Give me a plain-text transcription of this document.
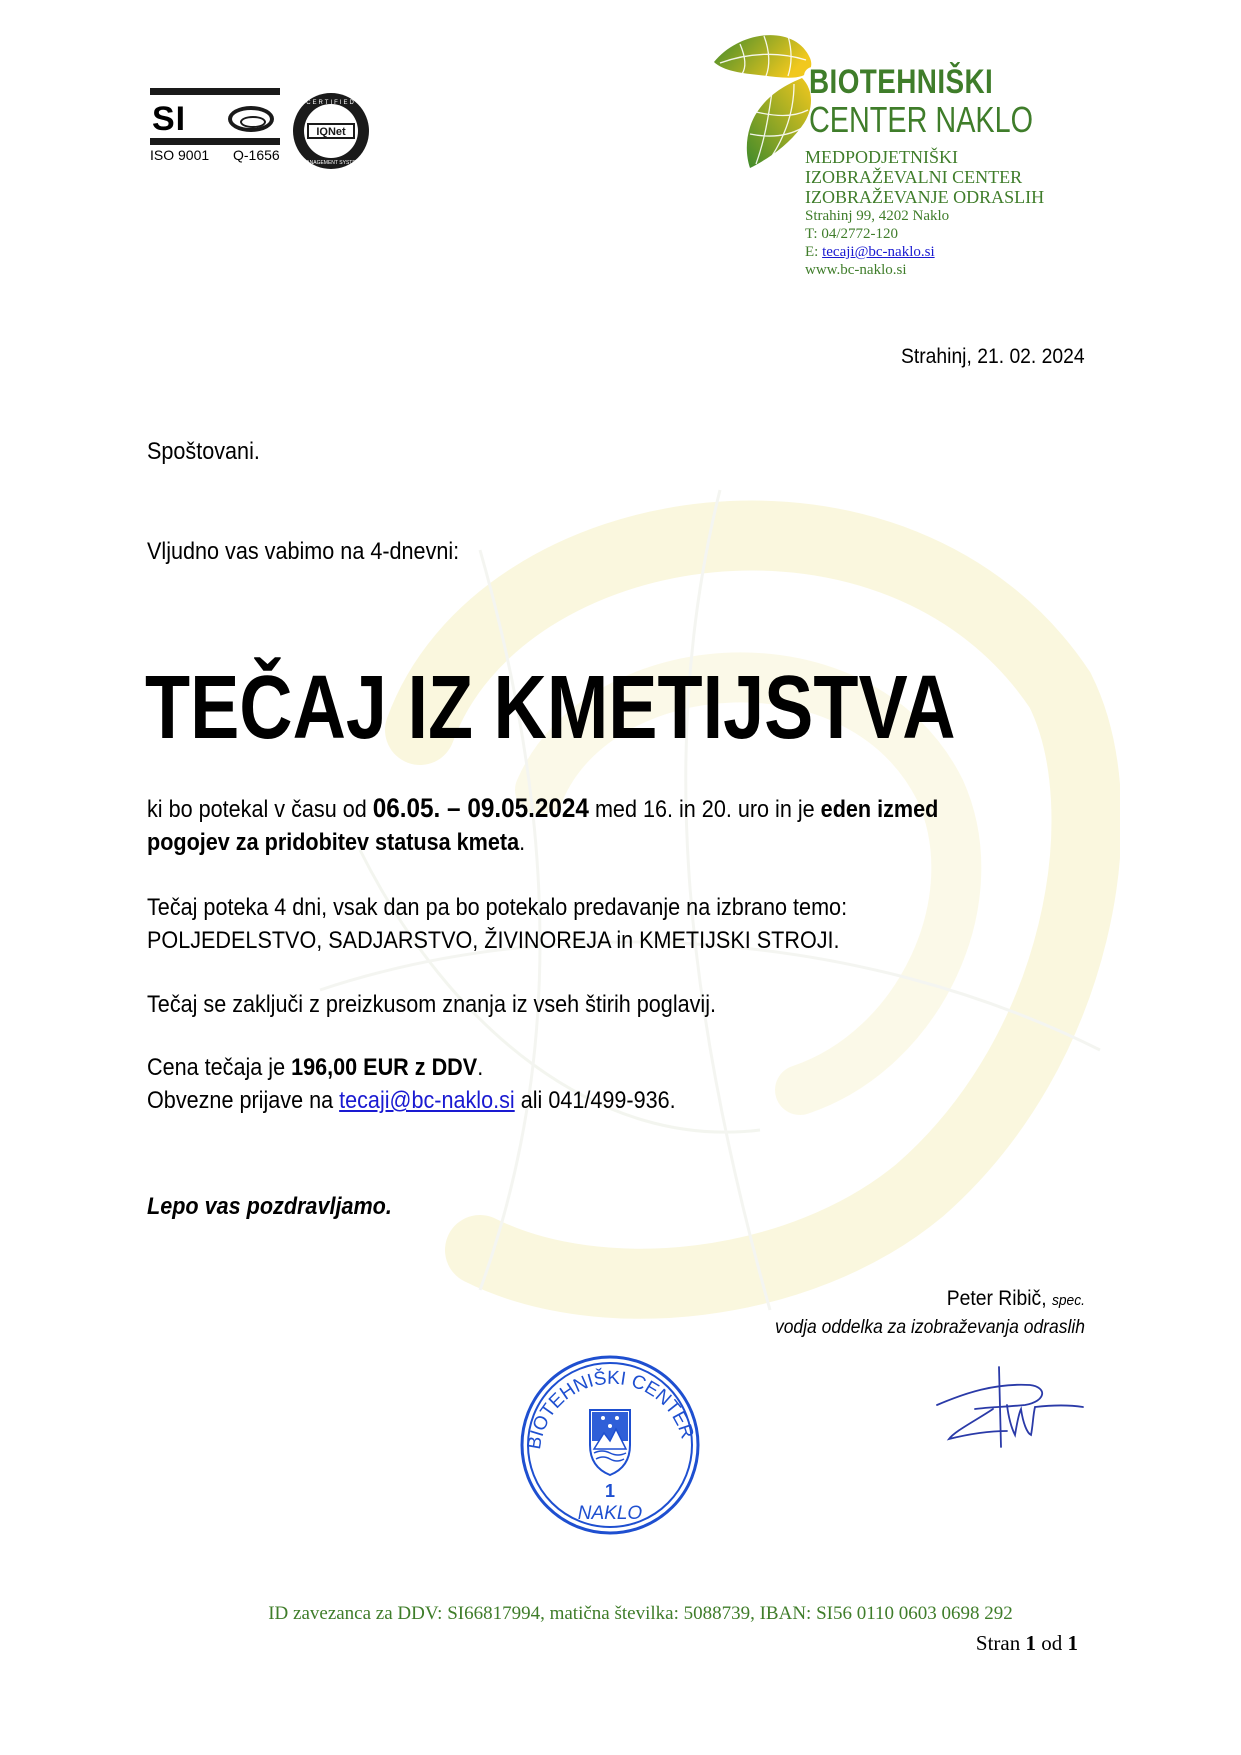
SI
ISO 9001 Q-1656
IQNet
CERTIFIED
MANAGEMENT SYSTEM
BIOTEHNIŠKI
CENTER NAKLO
MEDPODJETNIŠKI
IZOBRAŽEVALNI CENTER
IZOBRAŽEVANJE ODRASLIH
Strahinj 99, 4202 Naklo
T: 04/2772-120
E: tecaji@bc-naklo.si
www.bc-naklo.si
Strahinj, 21. 02. 2024
Spoštovani.
Vljudno vas vabimo na 4-dnevni:
TEČAJ IZ KMETIJSTVA
ki bo potekal v času od 06.05. – 09.05.2024 med 16. in 20. uro in je eden izmed
pogojev za pridobitev statusa kmeta.
Tečaj poteka 4 dni, vsak dan pa bo potekalo predavanje na izbrano temo:
POLJEDELSTVO, SADJARSTVO, ŽIVINOREJA in KMETIJSKI STROJI.
Tečaj se zaključi z preizkusom znanja iz vseh štirih poglavij.
Cena tečaja je 196,00 EUR z DDV.
Obvezne prijave na tecaji@bc-naklo.si ali 041/499-936.
Lepo vas pozdravljamo.
Peter Ribič, spec.
vodja oddelka za izobraževanja odraslih
BIOTEHNIŠKI CENTER
1
NAKLO
ID zavezanca za DDV: SI66817994, matična številka: 5088739, IBAN: SI56 0110 0603 0698 292
Stran 1 od 1
